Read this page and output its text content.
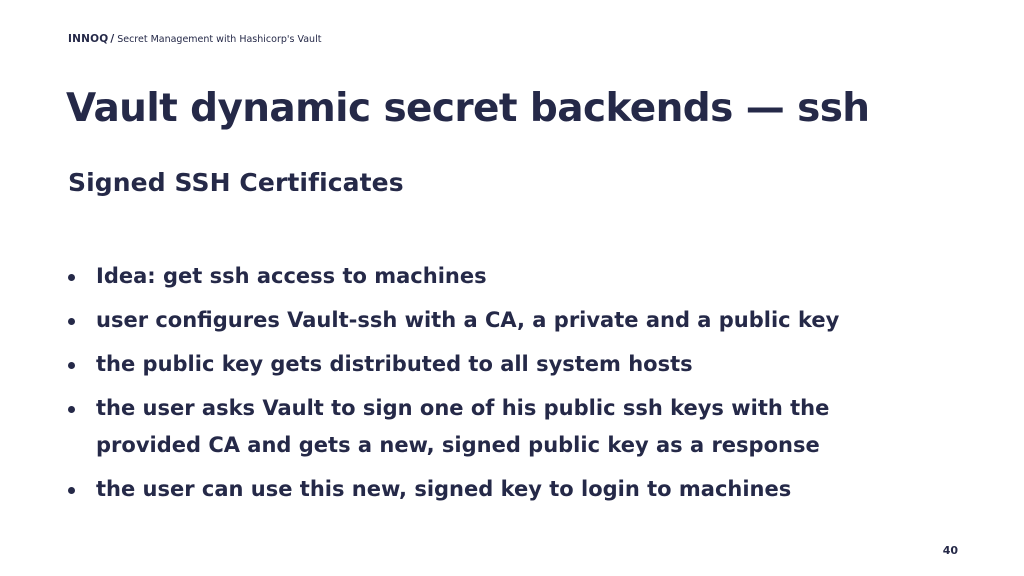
INNOQ / Secret Management with Hashicorp's Vault
Vault dynamic secret backends — ssh
Signed SSH Certificates
Idea: get ssh access to machines
user configures Vault-ssh with a CA, a private and a public key
the public key gets distributed to all system hosts
the user asks Vault to sign one of his public ssh keys with the provided CA and gets a new, signed public key as a response
the user can use this new, signed key to login to machines
40
